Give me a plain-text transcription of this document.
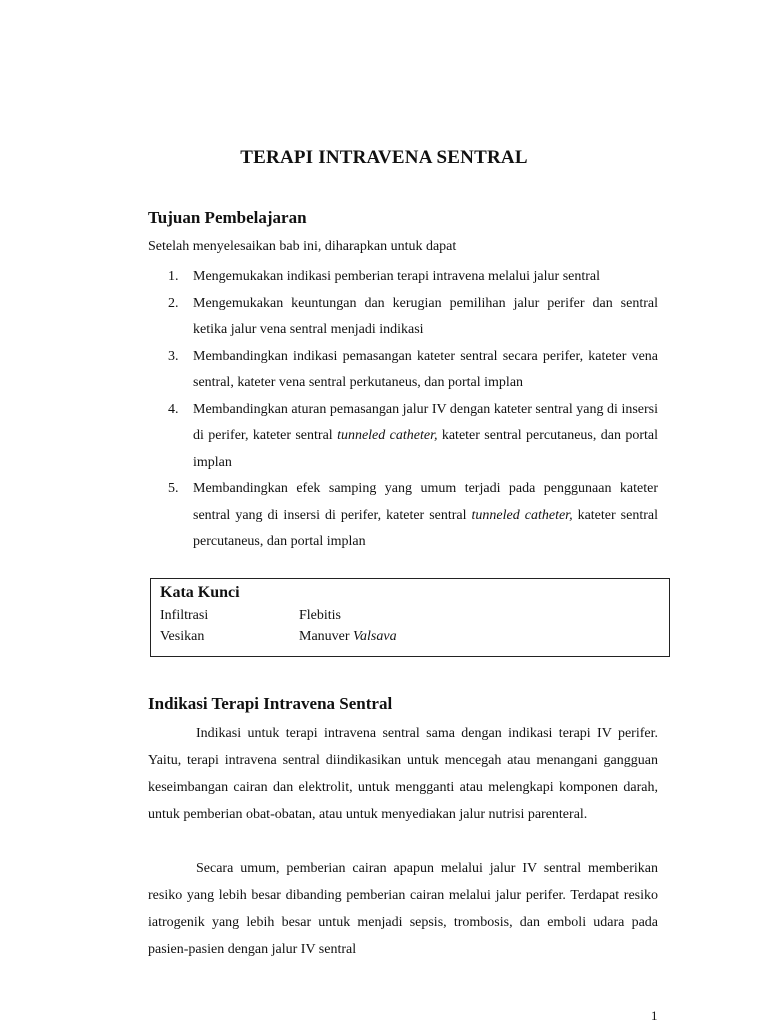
TERAPI INTRAVENA SENTRAL
Tujuan Pembelajaran
Setelah menyelesaikan bab ini, diharapkan untuk dapat
1. Mengemukakan indikasi pemberian terapi intravena melalui jalur sentral
2. Mengemukakan keuntungan dan kerugian pemilihan jalur perifer dan sentral ketika jalur vena sentral menjadi indikasi
3. Membandingkan indikasi pemasangan kateter sentral secara perifer, kateter vena sentral, kateter vena sentral perkutaneus, dan portal implan
4. Membandingkan aturan pemasangan jalur IV dengan kateter sentral yang di insersi di perifer, kateter sentral tunneled catheter, kateter sentral percutaneus, dan portal implan
5. Membandingkan efek samping yang umum terjadi pada penggunaan kateter sentral yang di insersi di perifer, kateter sentral tunneled catheter, kateter sentral percutaneus, dan portal implan
Kata Kunci
Infiltrasi	Flebitis
Vesikan	Manuver Valsava
Indikasi Terapi Intravena Sentral

Indikasi untuk terapi intravena sentral sama dengan indikasi terapi IV perifer. Yaitu, terapi intravena sentral diindikasikan untuk mencegah atau menangani gangguan keseimbangan cairan dan elektrolit, untuk mengganti atau melengkapi komponen darah, untuk pemberian obat-obatan, atau untuk menyediakan jalur nutrisi parenteral.

Secara umum, pemberian cairan apapun melalui jalur IV sentral memberikan resiko yang lebih besar dibanding pemberian cairan melalui jalur perifer. Terdapat resiko iatrogenik yang lebih besar untuk menjadi sepsis, trombosis, dan emboli udara pada pasien-pasien dengan jalur IV sentral

1
